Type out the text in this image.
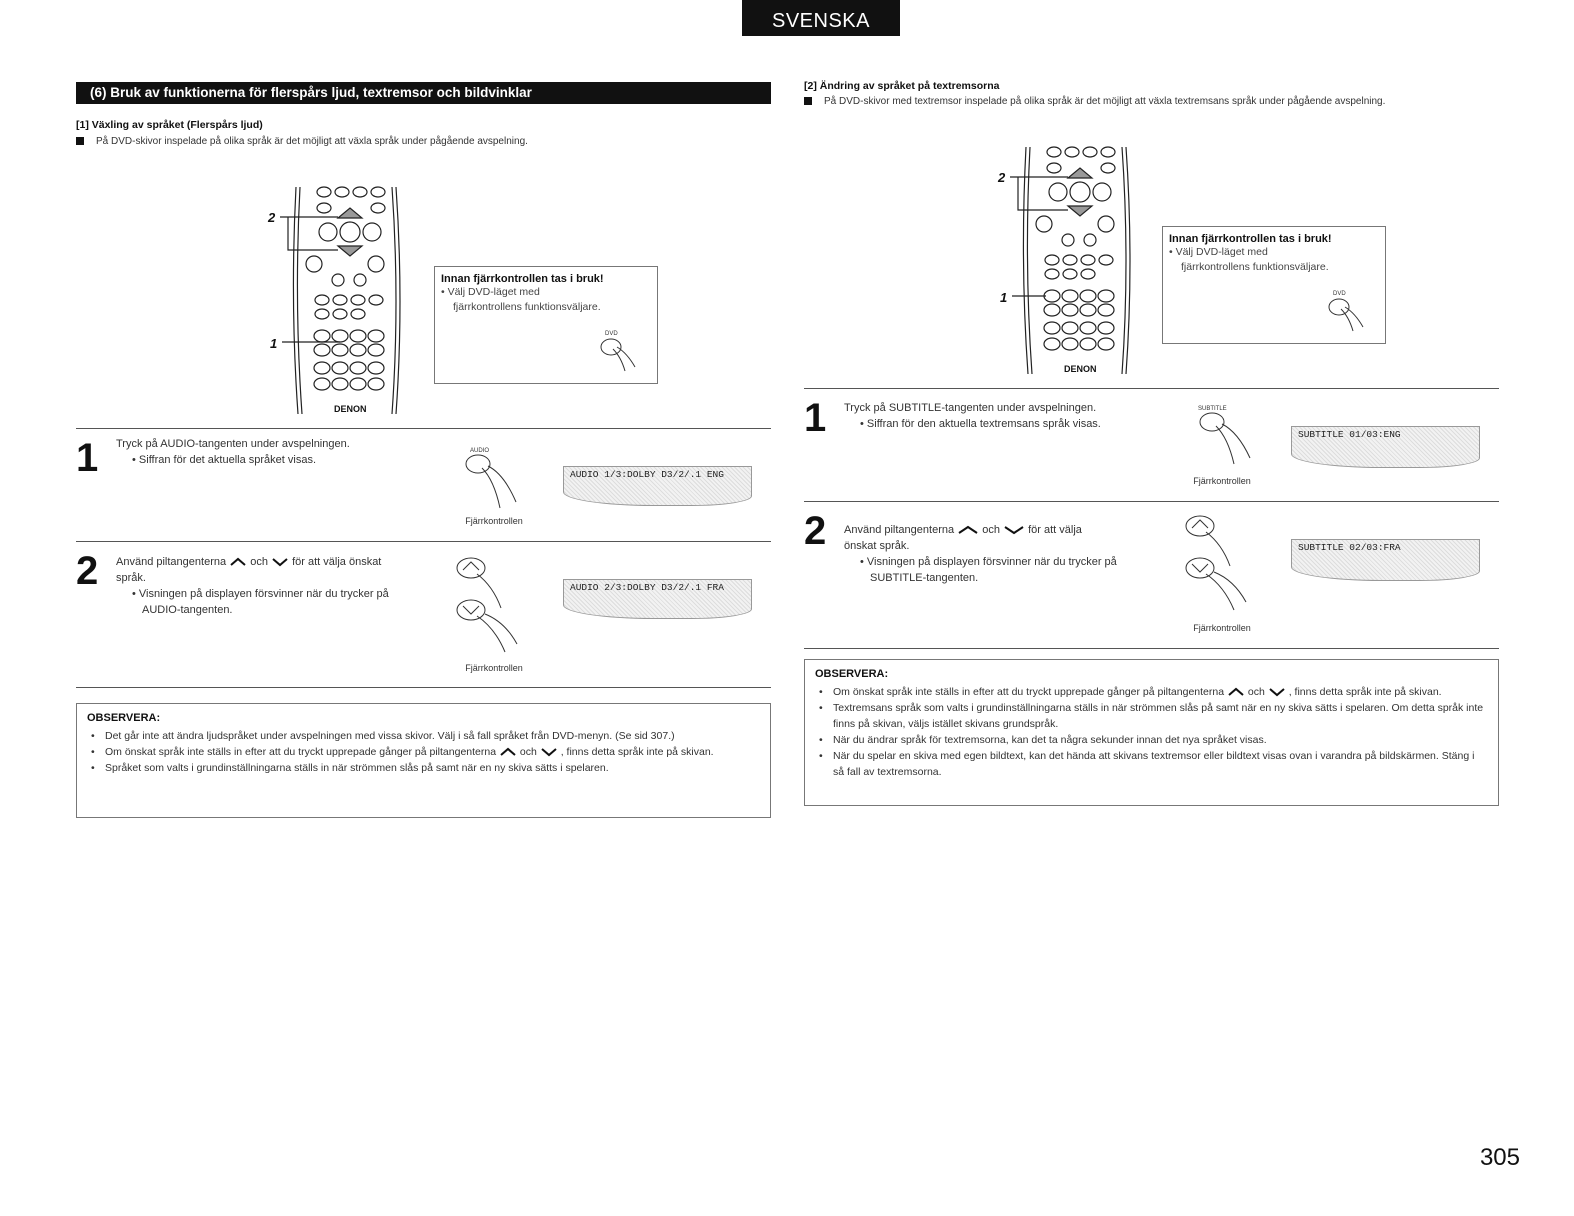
SVENSKA
(6) Bruk av funktionerna för flerspårs ljud, textremsor och bildvinklar
[1] Växling av språket (Flerspårs ljud)
På DVD-skivor inspelade på olika språk är det möjligt att växla språk under pågående avspelning.
2
1
DENON
Innan fjärrkontrollen tas i bruk!
• Välj DVD-läget med
fjärrkontrollens funktionsväljare.
DVD
1 Tryck på AUDIO-tangenten under avspelningen.
• Siffran för det aktuella språket visas.
AUDIO
AUDIO 1/3:DOLBY D3/2/.1 ENG
Fjärrkontrollen
2 Använd piltangenterna och för att välja önskat
språk.
• Visningen på displayen försvinner när du trycker på
AUDIO-tangenten.
AUDIO 2/3:DOLBY D3/2/.1 FRA
Fjärrkontrollen
OBSERVERA:
• Det går inte att ändra ljudspråket under avspelningen med vissa skivor. Välj i så fall språket från DVD-menyn. (Se sid 307.)
• Om önskat språk inte ställs in efter att du tryckt upprepade gånger på piltangenterna och , finns detta språk inte på skivan.
• Språket som valts i grundinställningarna ställs in när strömmen slås på samt när en ny skiva sätts i spelaren.
[2] Ändring av språket på textremsorna
På DVD-skivor med textremsor inspelade på olika språk är det möjligt att växla textremsans språk under pågående avspelning.
2
1
DENON
Innan fjärrkontrollen tas i bruk!
• Välj DVD-läget med
fjärrkontrollens funktionsväljare.
DVD
1 Tryck på SUBTITLE-tangenten under avspelningen.
• Siffran för den aktuella textremsans språk visas.
SUBTITLE
SUBTITLE 01/03:ENG
Fjärrkontrollen
2 Använd piltangenterna	och	för att välja
önskat språk.
• Visningen på displayen försvinner när du trycker på
SUBTITLE-tangenten.
SUBTITLE 02/03:FRA
Fjärrkontrollen
OBSERVERA:
• Om önskat språk inte ställs in efter att du tryckt upprepade gånger på piltangenterna och , finns detta språk inte på skivan.
• Textremsans språk som valts i grundinställningarna ställs in när strömmen slås på samt när en ny skiva sätts i spelaren. Om detta språk inte finns på skivan, väljs istället skivans grundspråk.
• När du ändrar språk för textremsorna, kan det ta några sekunder innan det nya språket visas.
• När du spelar en skiva med egen bildtext, kan det hända att skivans textremsor eller bildtext visas ovan i varandra på bildskärmen. Stäng i så fall av textremsorna.
305
